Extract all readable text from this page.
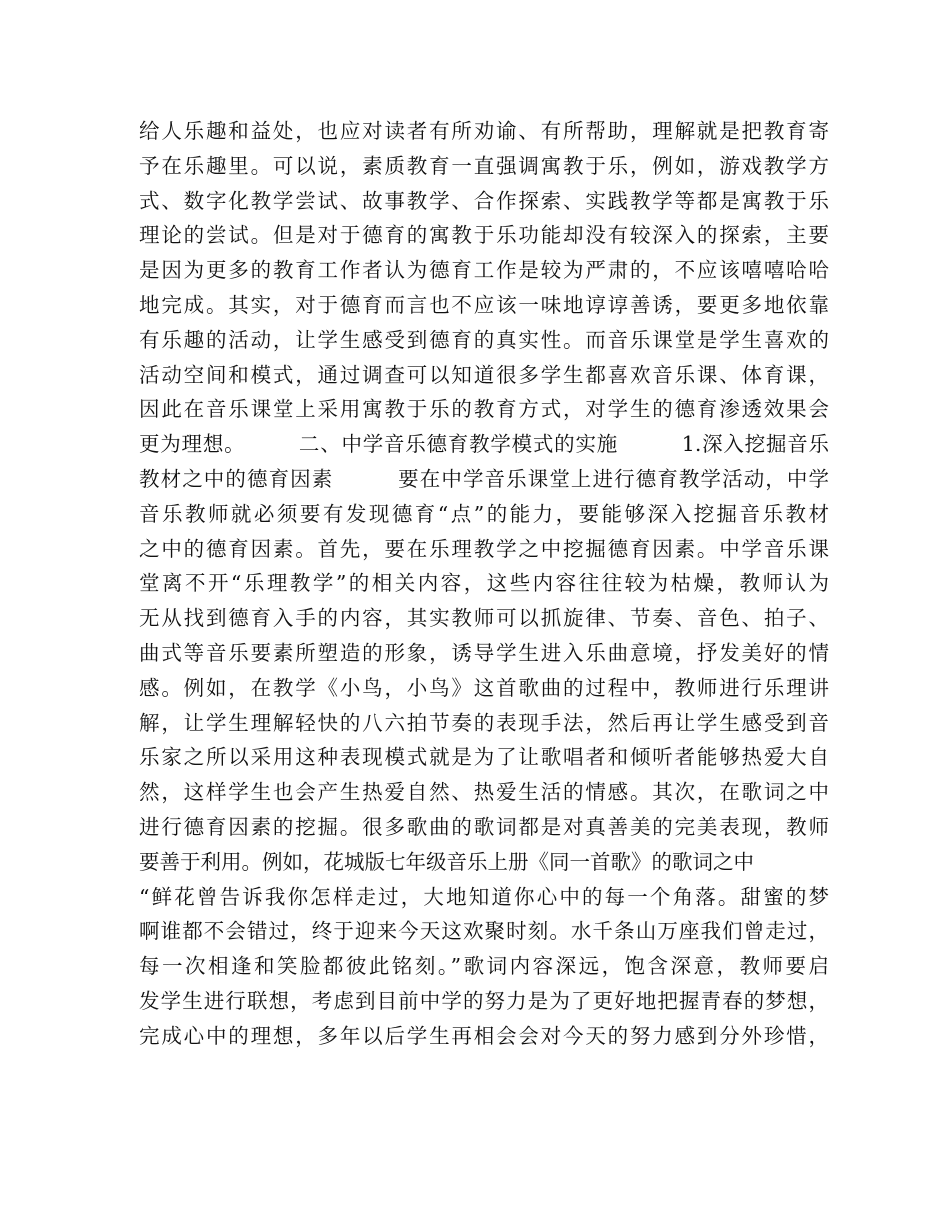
给人乐趣和益处，也应对读者有所劝谕、有所帮助，理解就是把教育寄
予在乐趣里。可以说，素质教育一直强调寓教于乐，例如，游戏教学方
式、数字化教学尝试、故事教学、合作探索、实践教学等都是寓教于乐
理论的尝试。但是对于德育的寓教于乐功能却没有较深入的探索，主要
是因为更多的教育工作者认为德育工作是较为严肃的，不应该嘻嘻哈哈
地完成。其实，对于德育而言也不应该一味地谆谆善诱，要更多地依靠
有乐趣的活动，让学生感受到德育的真实性。而音乐课堂是学生喜欢的
活动空间和模式，通过调查可以知道很多学生都喜欢音乐课、体育课，
因此在音乐课堂上采用寓教于乐的教育方式，对学生的德育渗透效果会
更为理想。　　　二、中学音乐德育教学模式的实施　　　1.深入挖掘音乐
教材之中的德育因素　　　要在中学音乐课堂上进行德育教学活动，中学
音乐教师就必须要有发现德育“点”的能力，要能够深入挖掘音乐教材
之中的德育因素。首先，要在乐理教学之中挖掘德育因素。中学音乐课
堂离不开“乐理教学”的相关内容，这些内容往往较为枯燥，教师认为
无从找到德育入手的内容，其实教师可以抓旋律、节奏、音色、拍子、
曲式等音乐要素所塑造的形象，诱导学生进入乐曲意境，抒发美好的情
感。例如，在教学《小鸟，小鸟》这首歌曲的过程中，教师进行乐理讲
解，让学生理解轻快的八六拍节奏的表现手法，然后再让学生感受到音
乐家之所以采用这种表现模式就是为了让歌唱者和倾听者能够热爱大自
然，这样学生也会产生热爱自然、热爱生活的情感。其次，在歌词之中
进行德育因素的挖掘。很多歌曲的歌词都是对真善美的完美表现，教师
要善于利用。例如，花城版七年级音乐上册《同一首歌》的歌词之中
“鲜花曾告诉我你怎样走过，大地知道你心中的每一个角落。甜蜜的梦
啊谁都不会错过，终于迎来今天这欢聚时刻。水千条山万座我们曾走过，
每一次相逢和笑脸都彼此铭刻。”歌词内容深远，饱含深意，教师要启
发学生进行联想，考虑到目前中学的努力是为了更好地把握青春的梦想，
完成心中的理想，多年以后学生再相会会对今天的努力感到分外珍惜，
